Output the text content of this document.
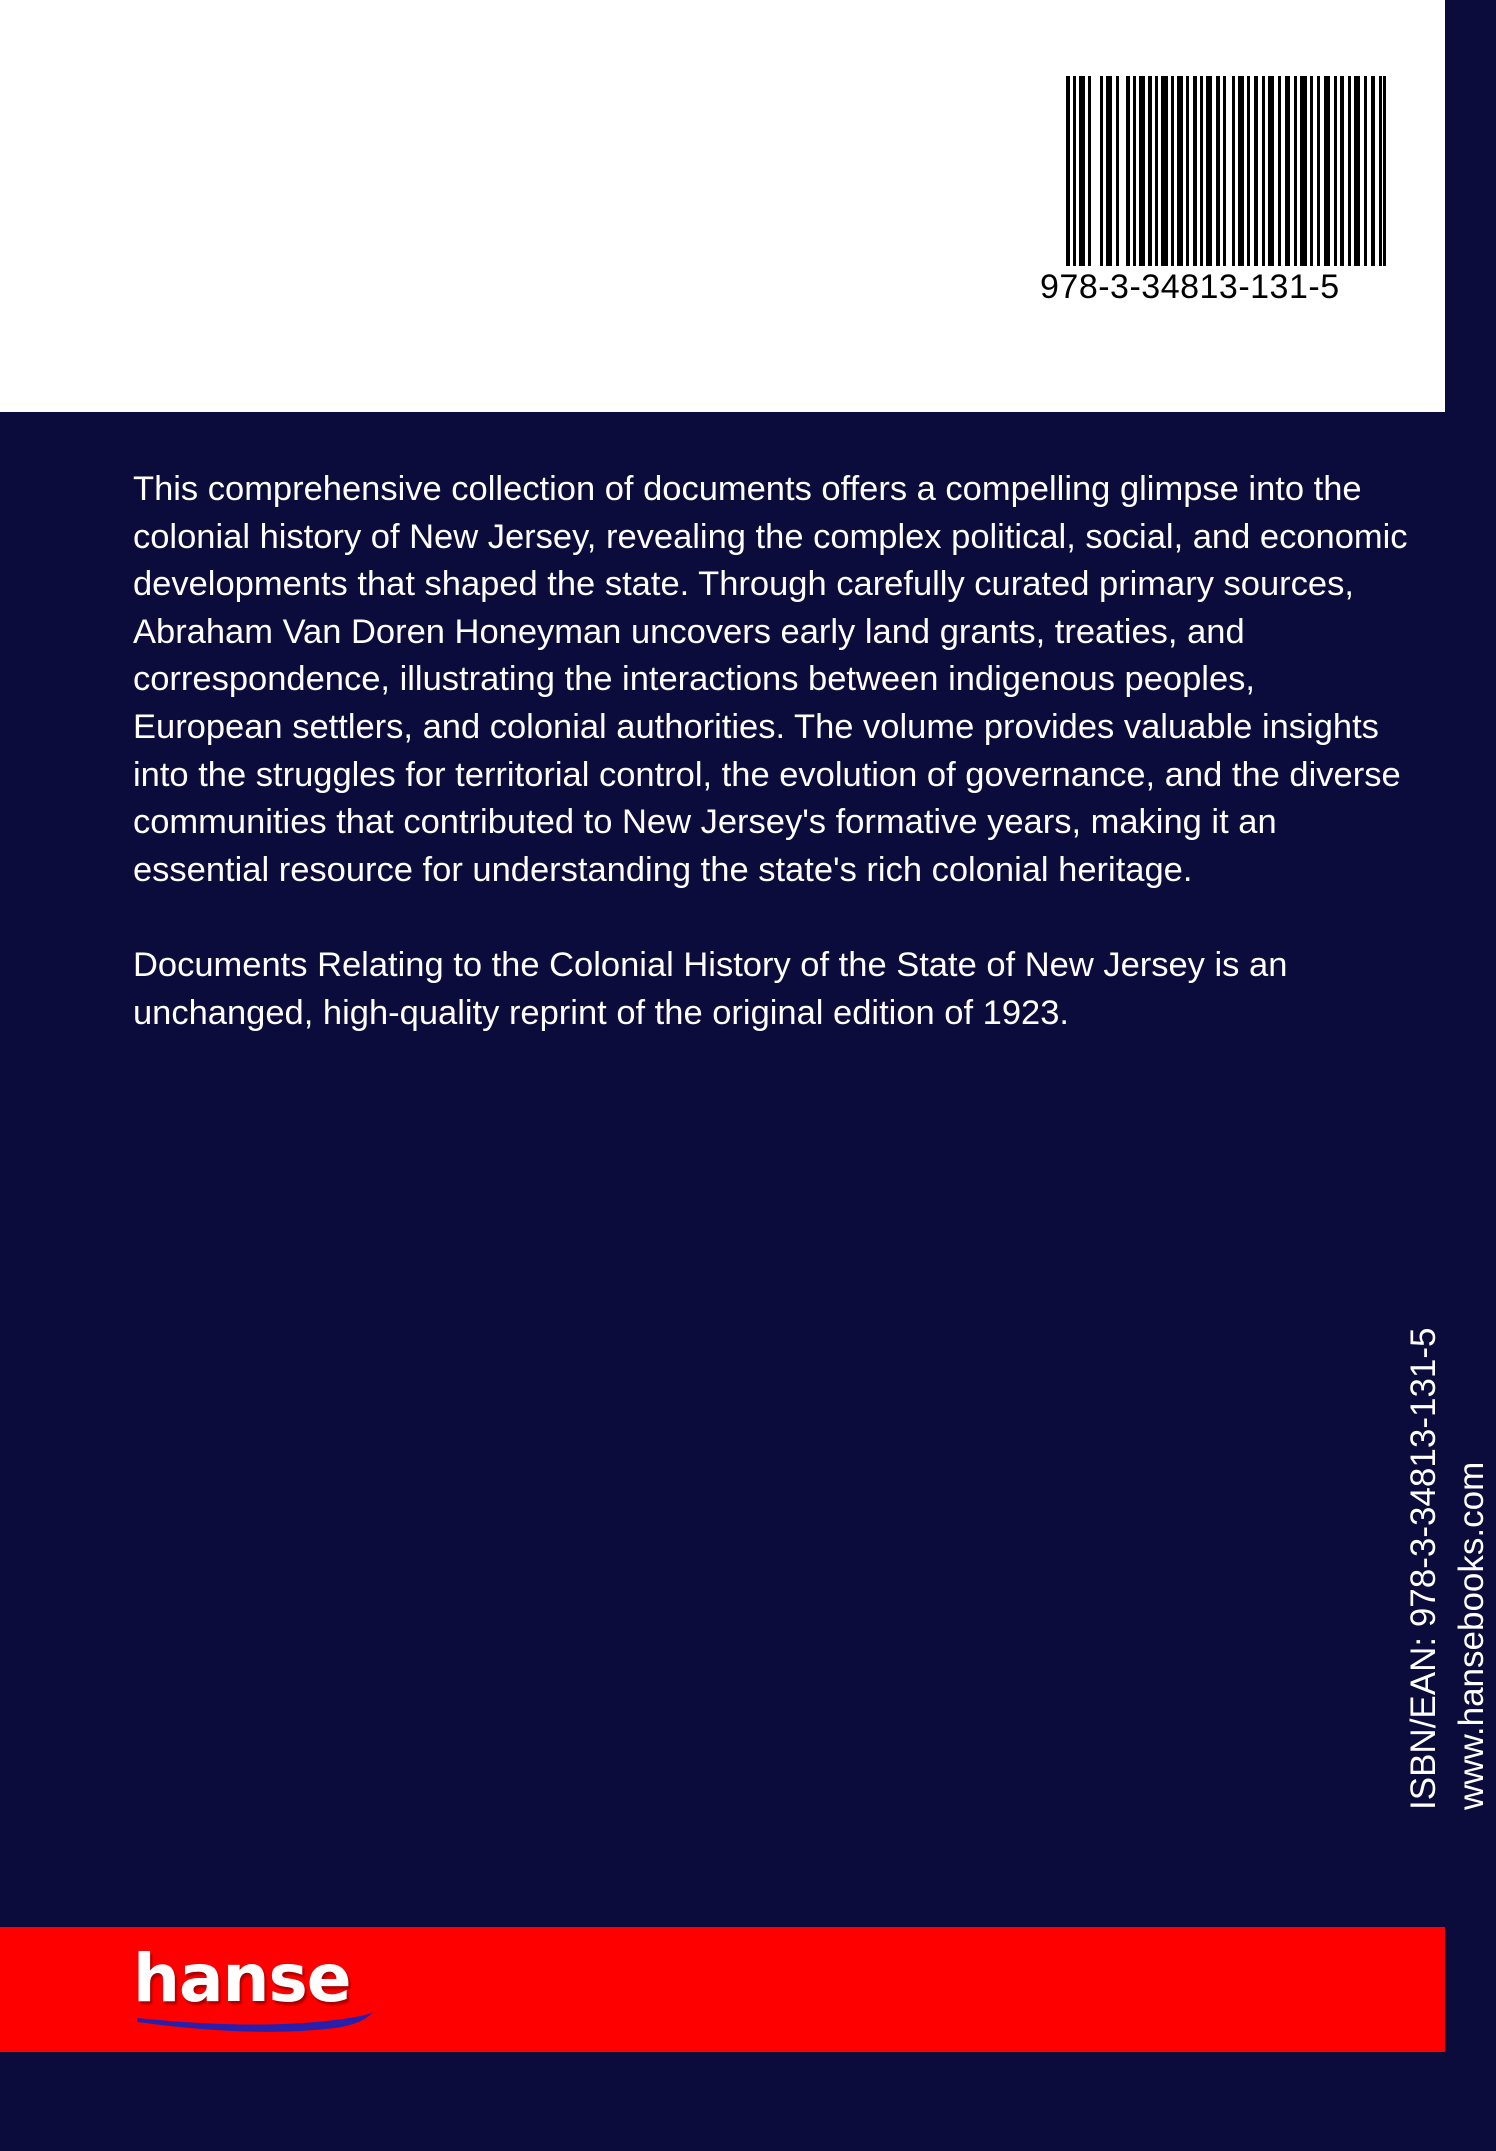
978-3-34813-131-5

This comprehensive collection of documents offers a compelling glimpse into the colonial history of New Jersey, revealing the complex political, social, and economic developments that shaped the state. Through carefully curated primary sources, Abraham Van Doren Honeyman uncovers early land grants, treaties, and correspondence, illustrating the interactions between indigenous peoples, European settlers, and colonial authorities. The volume provides valuable insights into the struggles for territorial control, the evolution of governance, and the diverse communities that contributed to New Jersey's formative years, making it an essential resource for understanding the state's rich colonial heritage.

Documents Relating to the Colonial History of the State of New Jersey is an unchanged, high-quality reprint of the original edition of 1923.

ISBN/EAN: 978-3-34813-131-5 www.hansebooks.com
hanse
